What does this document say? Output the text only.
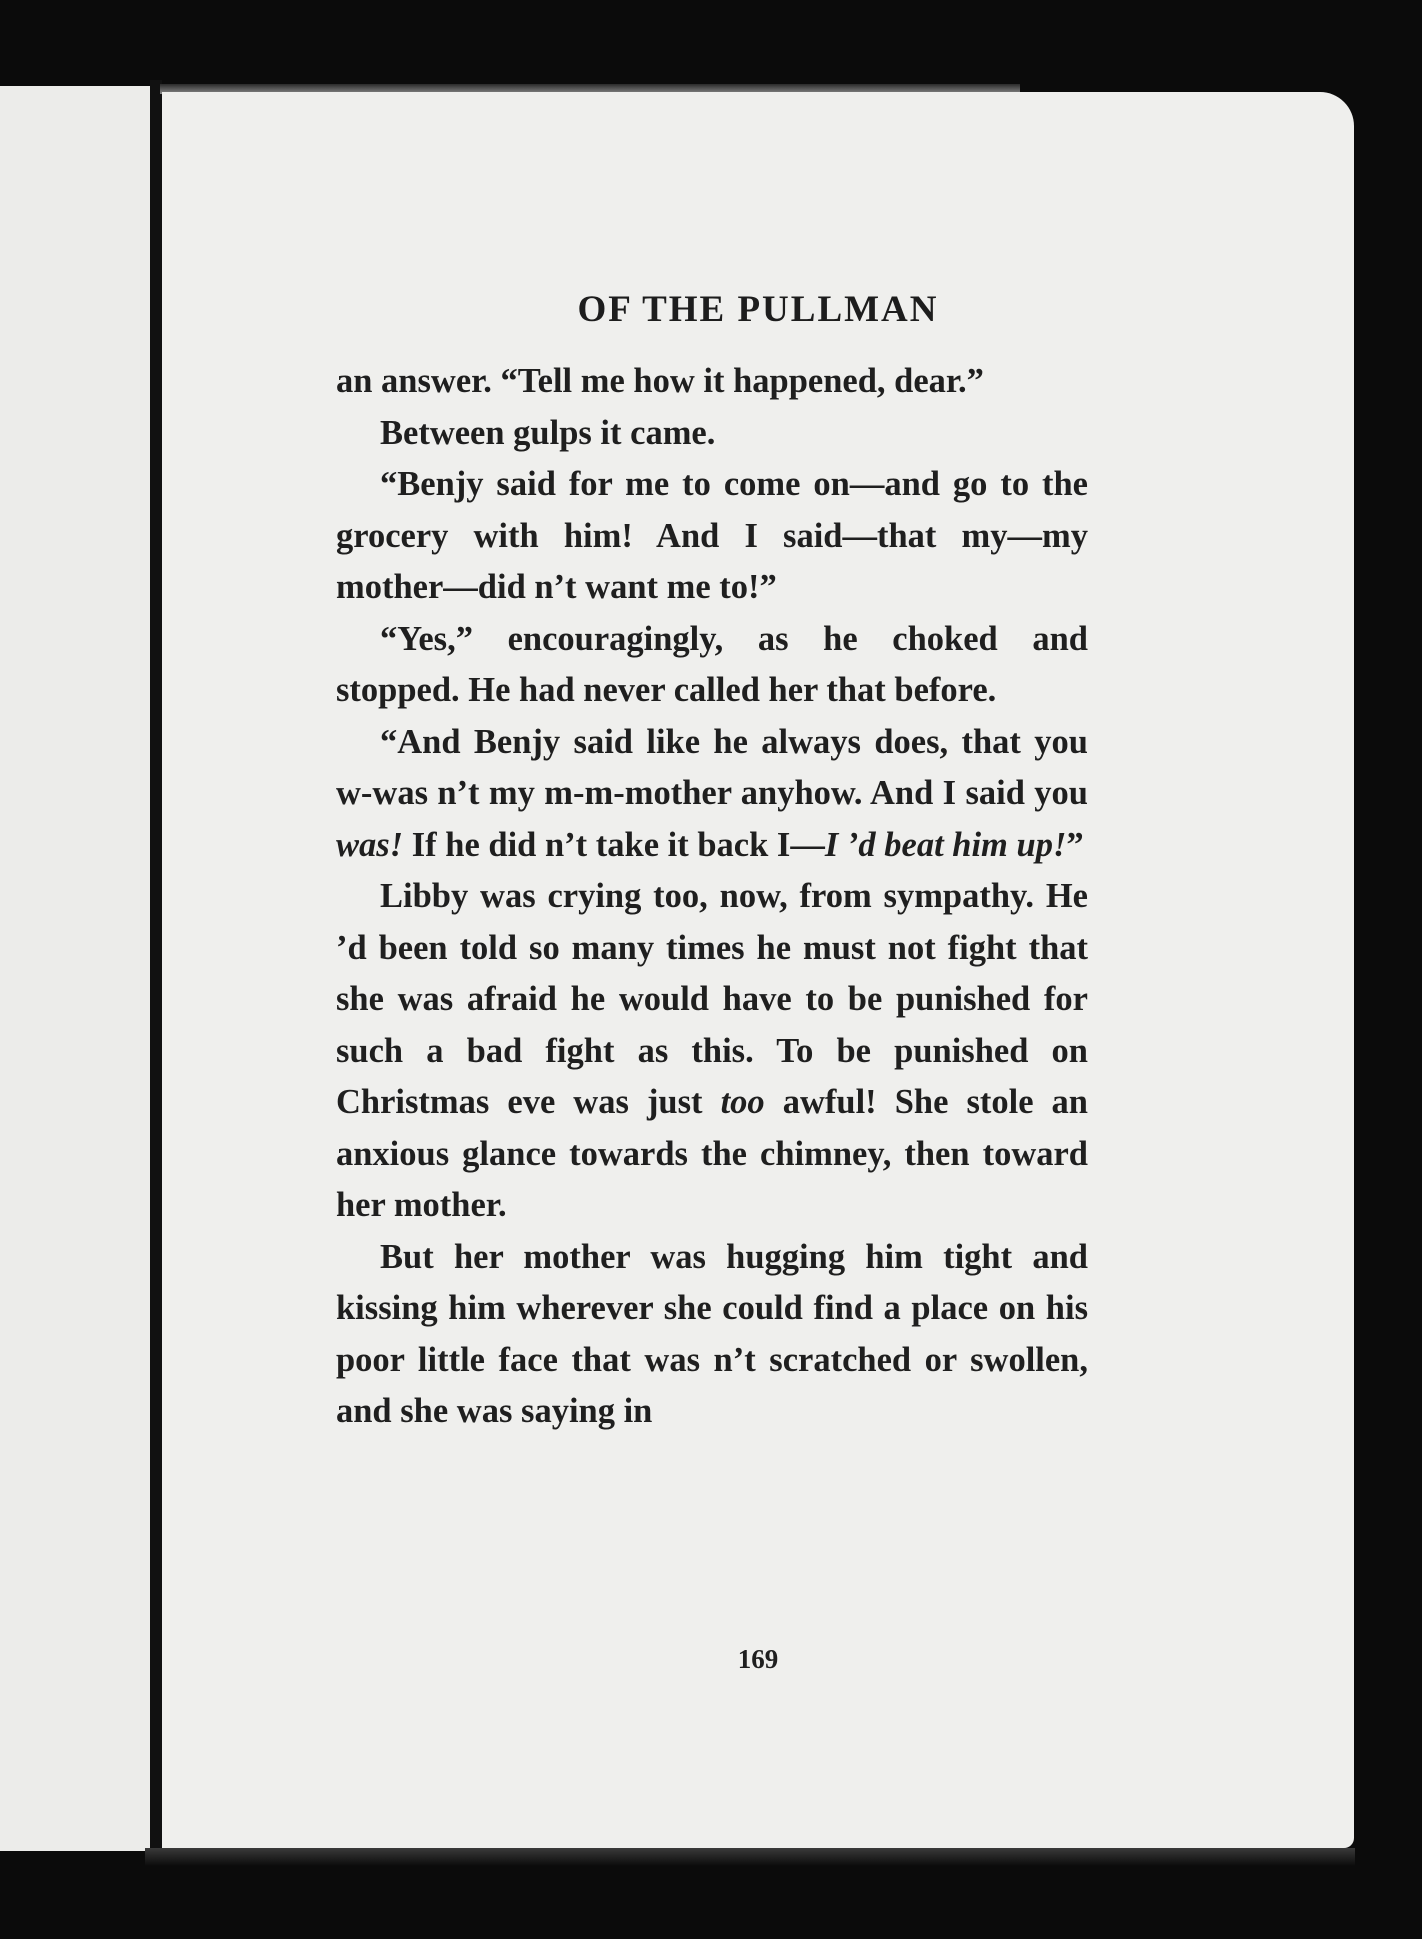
OF THE PULLMAN

an answer. “Tell me how it happened, dear.”

Between gulps it came.

“Benjy said for me to come on—and go to the grocery with him! And I said—that my—my mother—did n’t want me to!”

“Yes,” encouragingly, as he choked and stopped. He had never called her that before.

“And Benjy said like he always does, that you w-was n’t my m-m-mother anyhow. And I said you was! If he did n’t take it back I—I ’d beat him up!”

Libby was crying too, now, from sympathy. He ’d been told so many times he must not fight that she was afraid he would have to be punished for such a bad fight as this. To be punished on Christmas eve was just too awful! She stole an anxious glance towards the chimney, then toward her mother.

But her mother was hugging him tight and kissing him wherever she could find a place on his poor little face that was n’t scratched or swollen, and she was saying in

169
